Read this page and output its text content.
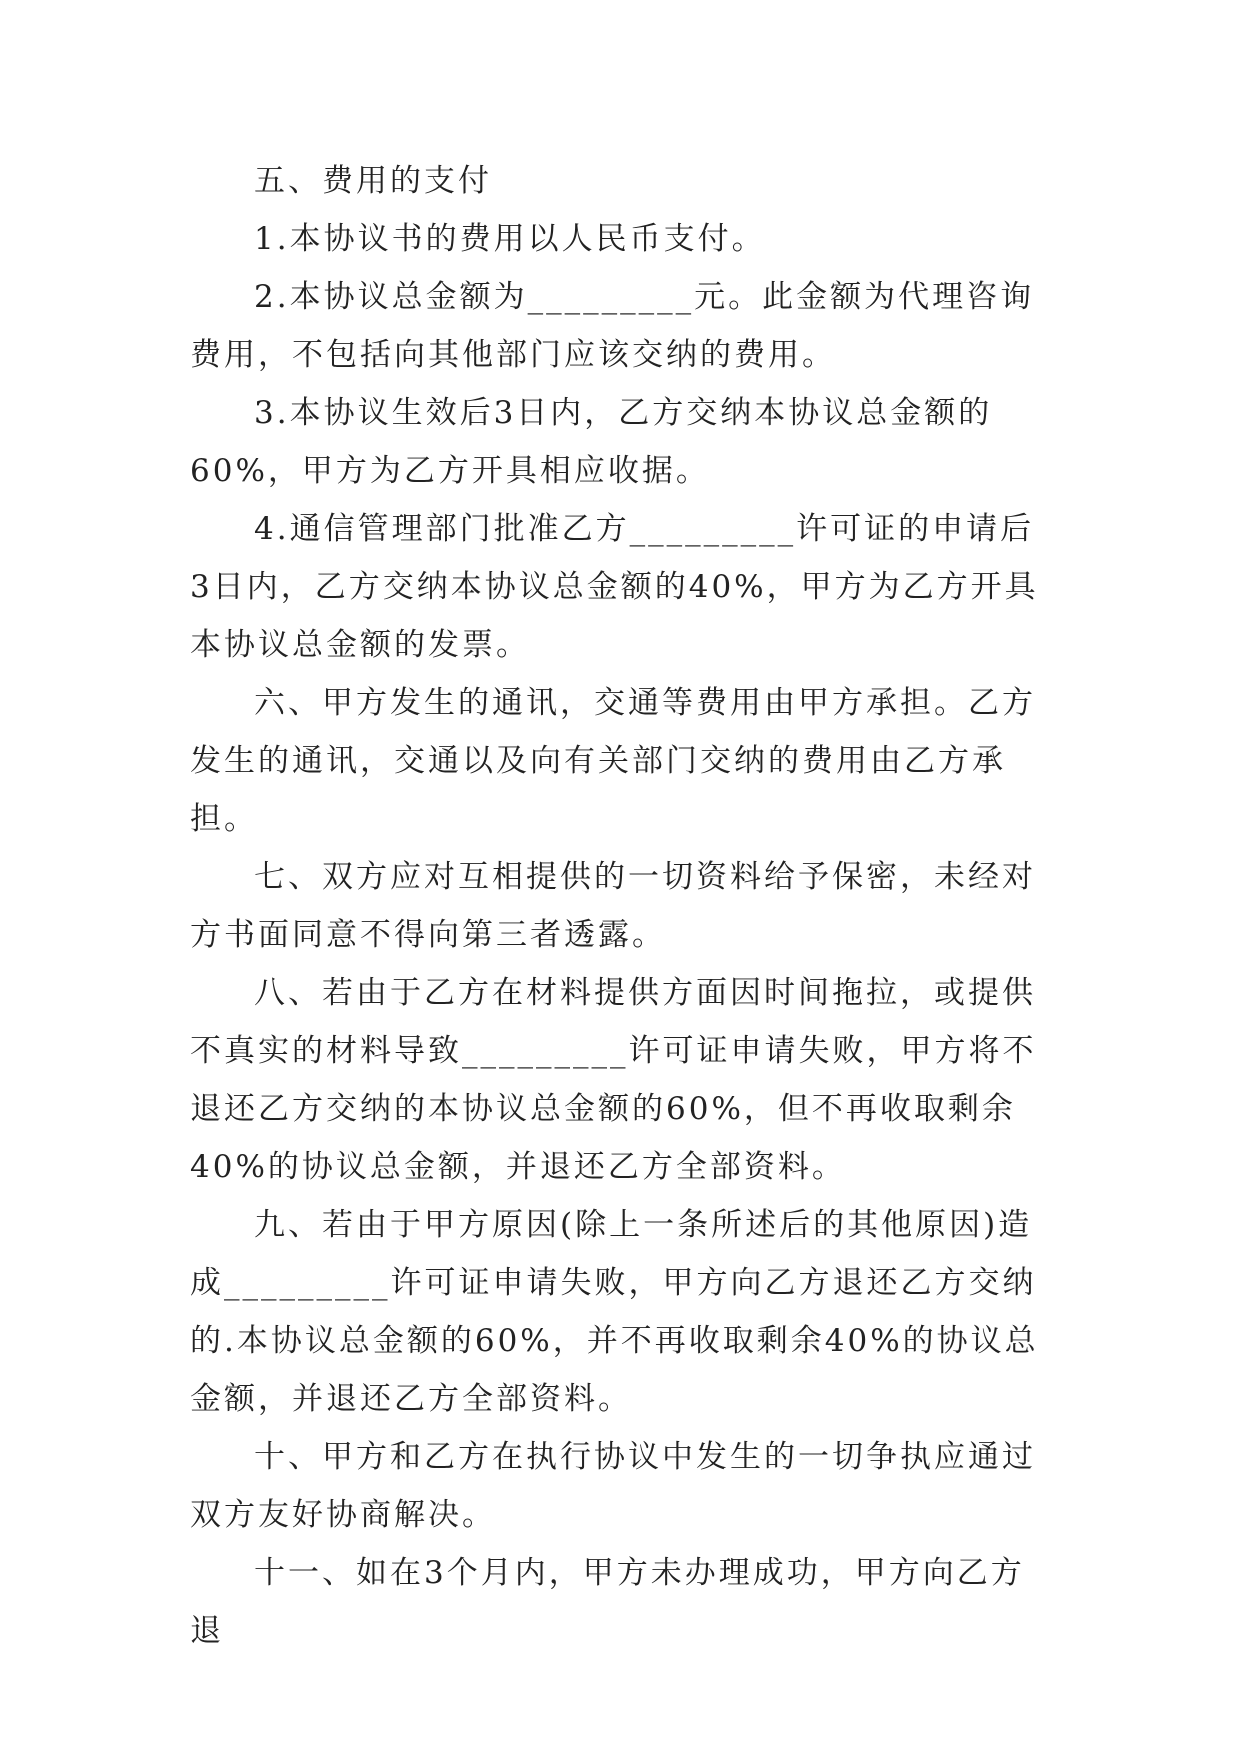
五、费用的支付

1.本协议书的费用以人民币支付。

2.本协议总金额为_________元。此金额为代理咨询费用，不包括向其他部门应该交纳的费用。

3.本协议生效后3日内，乙方交纳本协议总金额的60%，甲方为乙方开具相应收据。

4.通信管理部门批准乙方_________许可证的申请后3日内，乙方交纳本协议总金额的40%，甲方为乙方开具本协议总金额的发票。

六、甲方发生的通讯，交通等费用由甲方承担。乙方发生的通讯，交通以及向有关部门交纳的费用由乙方承担。

七、双方应对互相提供的一切资料给予保密，未经对方书面同意不得向第三者透露。

八、若由于乙方在材料提供方面因时间拖拉，或提供不真实的材料导致_________许可证申请失败，甲方将不退还乙方交纳的本协议总金额的60%，但不再收取剩余40%的协议总金额，并退还乙方全部资料。

九、若由于甲方原因(除上一条所述后的其他原因)造成_________许可证申请失败，甲方向乙方退还乙方交纳的.本协议总金额的60%，并不再收取剩余40%的协议总金额，并退还乙方全部资料。

十、甲方和乙方在执行协议中发生的一切争执应通过双方友好协商解决。

十一、如在3个月内，甲方未办理成功，甲方向乙方退
